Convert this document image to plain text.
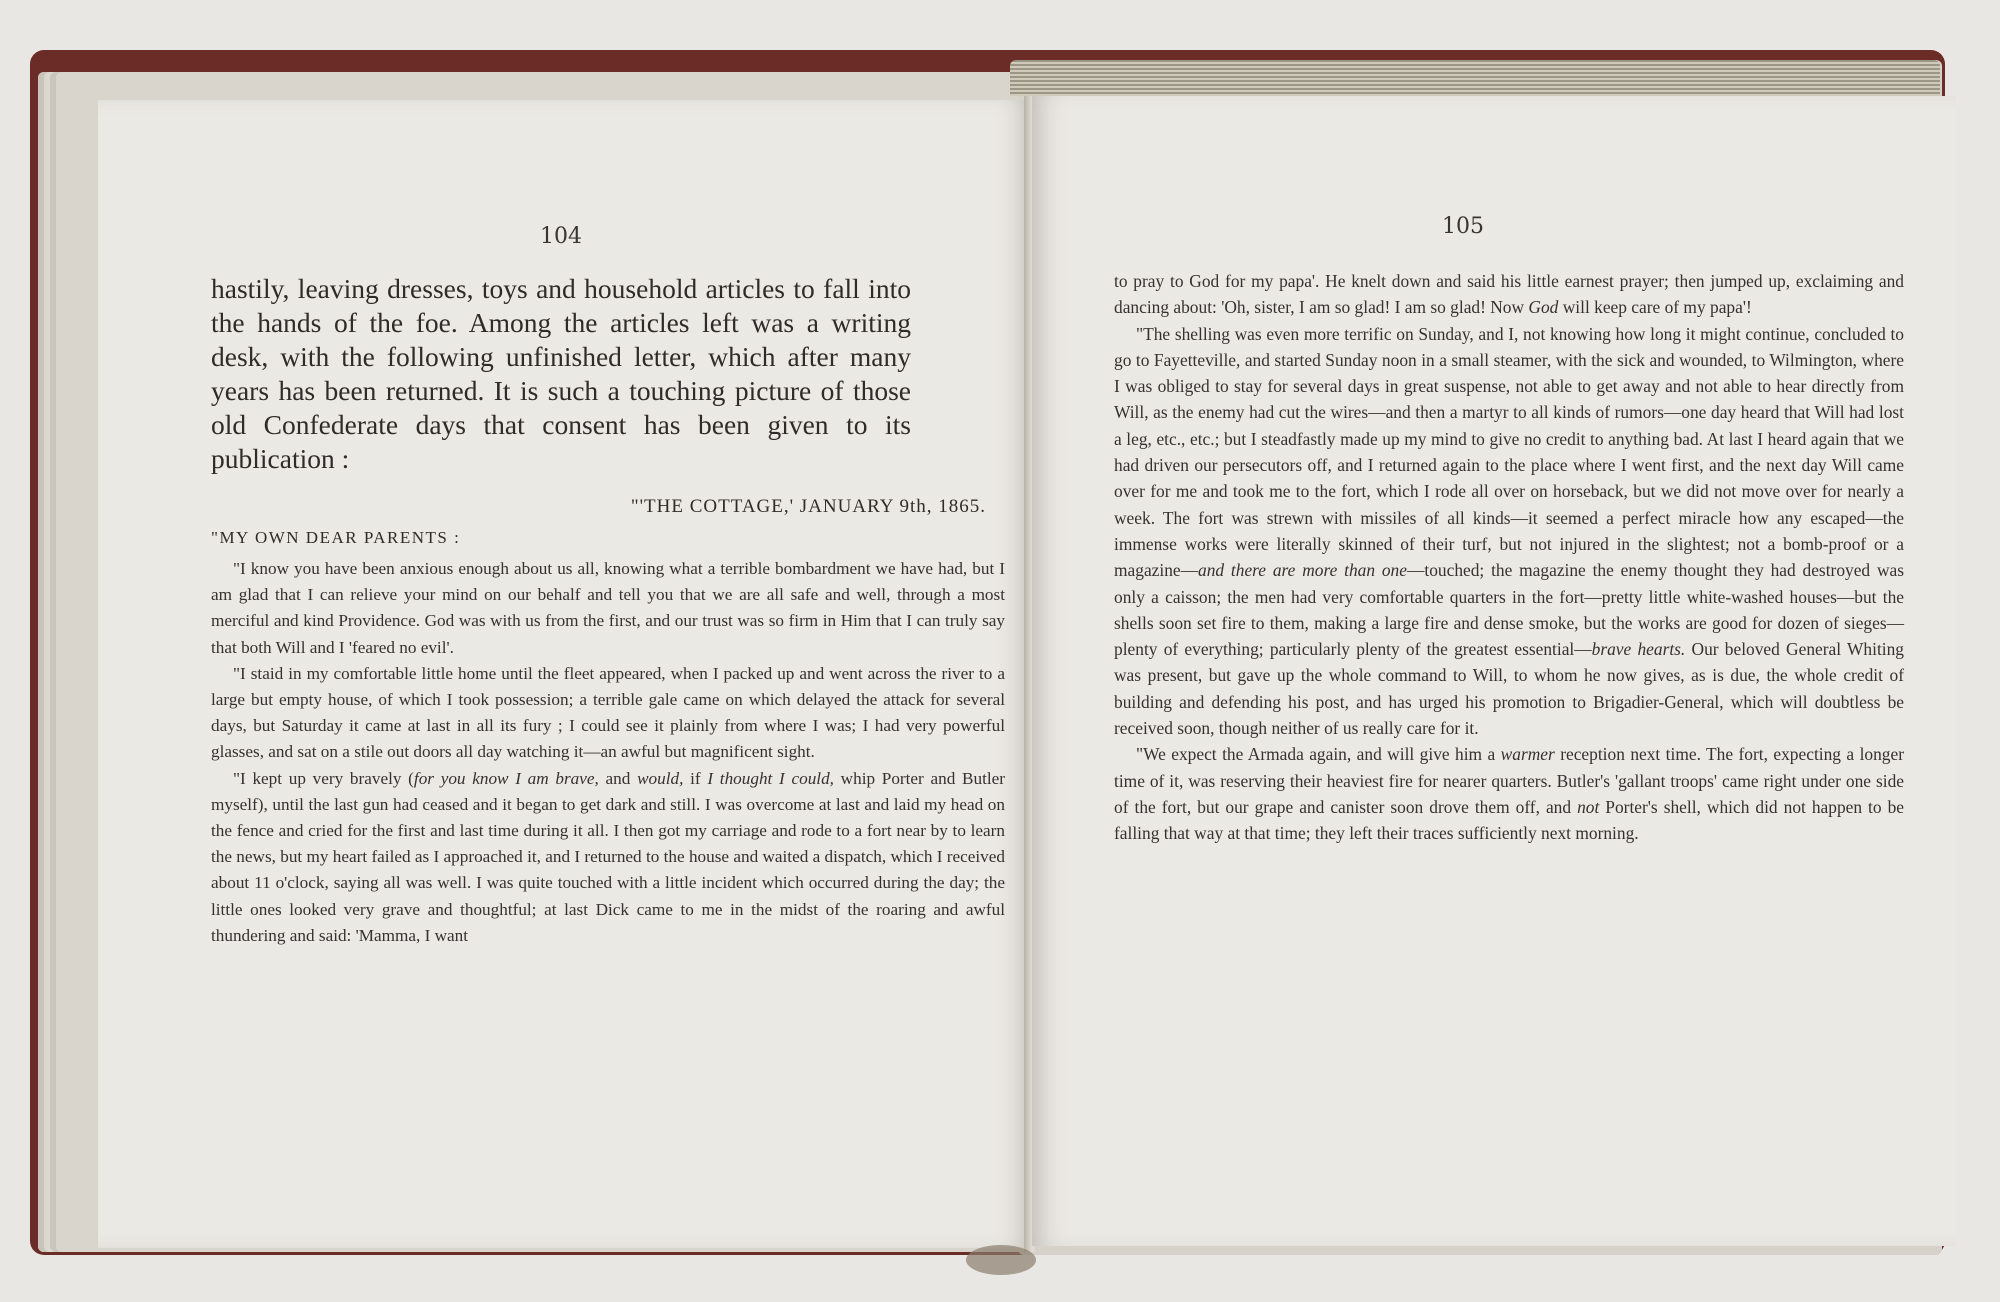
104
hastily, leaving dresses, toys and household articles to fall into the hands of the foe. Among the articles left was a writing desk, with the following unfinished letter, which after many years has been returned. It is such a touching picture of those old Confederate days that consent has been given to its publication :
"'THE COTTAGE,' JANUARY 9th, 1865.
"MY OWN DEAR PARENTS :

"I know you have been anxious enough about us all, knowing what a terrible bombardment we have had, but I am glad that I can relieve your mind on our behalf and tell you that we are all safe and well, through a most merciful and kind Providence. God was with us from the first, and our trust was so firm in Him that I can truly say that both Will and I 'feared no evil'.

"I staid in my comfortable little home until the fleet appeared, when I packed up and went across the river to a large but empty house, of which I took possession; a terrible gale came on which delayed the attack for several days, but Saturday it came at last in all its fury ; I could see it plainly from where I was; I had very powerful glasses, and sat on a stile out doors all day watching it—an awful but magnificent sight.

"I kept up very bravely (for you know I am brave, and would, if I thought I could, whip Porter and Butler myself), until the last gun had ceased and it began to get dark and still. I was overcome at last and laid my head on the fence and cried for the first and last time during it all. I then got my carriage and rode to a fort near by to learn the news, but my heart failed as I approached it, and I returned to the house and waited a dispatch, which I received about 11 o'clock, saying all was well. I was quite touched with a little incident which occurred during the day; the little ones looked very grave and thoughtful; at last Dick came to me in the midst of the roaring and awful thundering and said: 'Mamma, I want

105

to pray to God for my papa'. He knelt down and said his little earnest prayer; then jumped up, exclaiming and dancing about: 'Oh, sister, I am so glad! I am so glad! Now God will keep care of my papa'!

"The shelling was even more terrific on Sunday, and I, not knowing how long it might continue, concluded to go to Fayetteville, and started Sunday noon in a small steamer, with the sick and wounded, to Wilmington, where I was obliged to stay for several days in great suspense, not able to get away and not able to hear directly from Will, as the enemy had cut the wires—and then a martyr to all kinds of rumors—one day heard that Will had lost a leg, etc., etc.; but I steadfastly made up my mind to give no credit to anything bad. At last I heard again that we had driven our persecutors off, and I returned again to the place where I went first, and the next day Will came over for me and took me to the fort, which I rode all over on horseback, but we did not move over for nearly a week. The fort was strewn with missiles of all kinds—it seemed a perfect miracle how any escaped—the immense works were literally skinned of their turf, but not injured in the slightest; not a bomb-proof or a magazine—and there are more than one—touched; the magazine the enemy thought they had destroyed was only a caisson; the men had very comfortable quarters in the fort—pretty little white-washed houses—but the shells soon set fire to them, making a large fire and dense smoke, but the works are good for dozen of sieges—plenty of everything; particularly plenty of the greatest essential—brave hearts. Our beloved General Whiting was present, but gave up the whole command to Will, to whom he now gives, as is due, the whole credit of building and defending his post, and has urged his promotion to Brigadier-General, which will doubtless be received soon, though neither of us really care for it.

"We expect the Armada again, and will give him a warmer reception next time. The fort, expecting a longer time of it, was reserving their heaviest fire for nearer quarters. Butler's 'gallant troops' came right under one side of the fort, but our grape and canister soon drove them off, and not Porter's shell, which did not happen to be falling that way at that time; they left their traces sufficiently next morning.
